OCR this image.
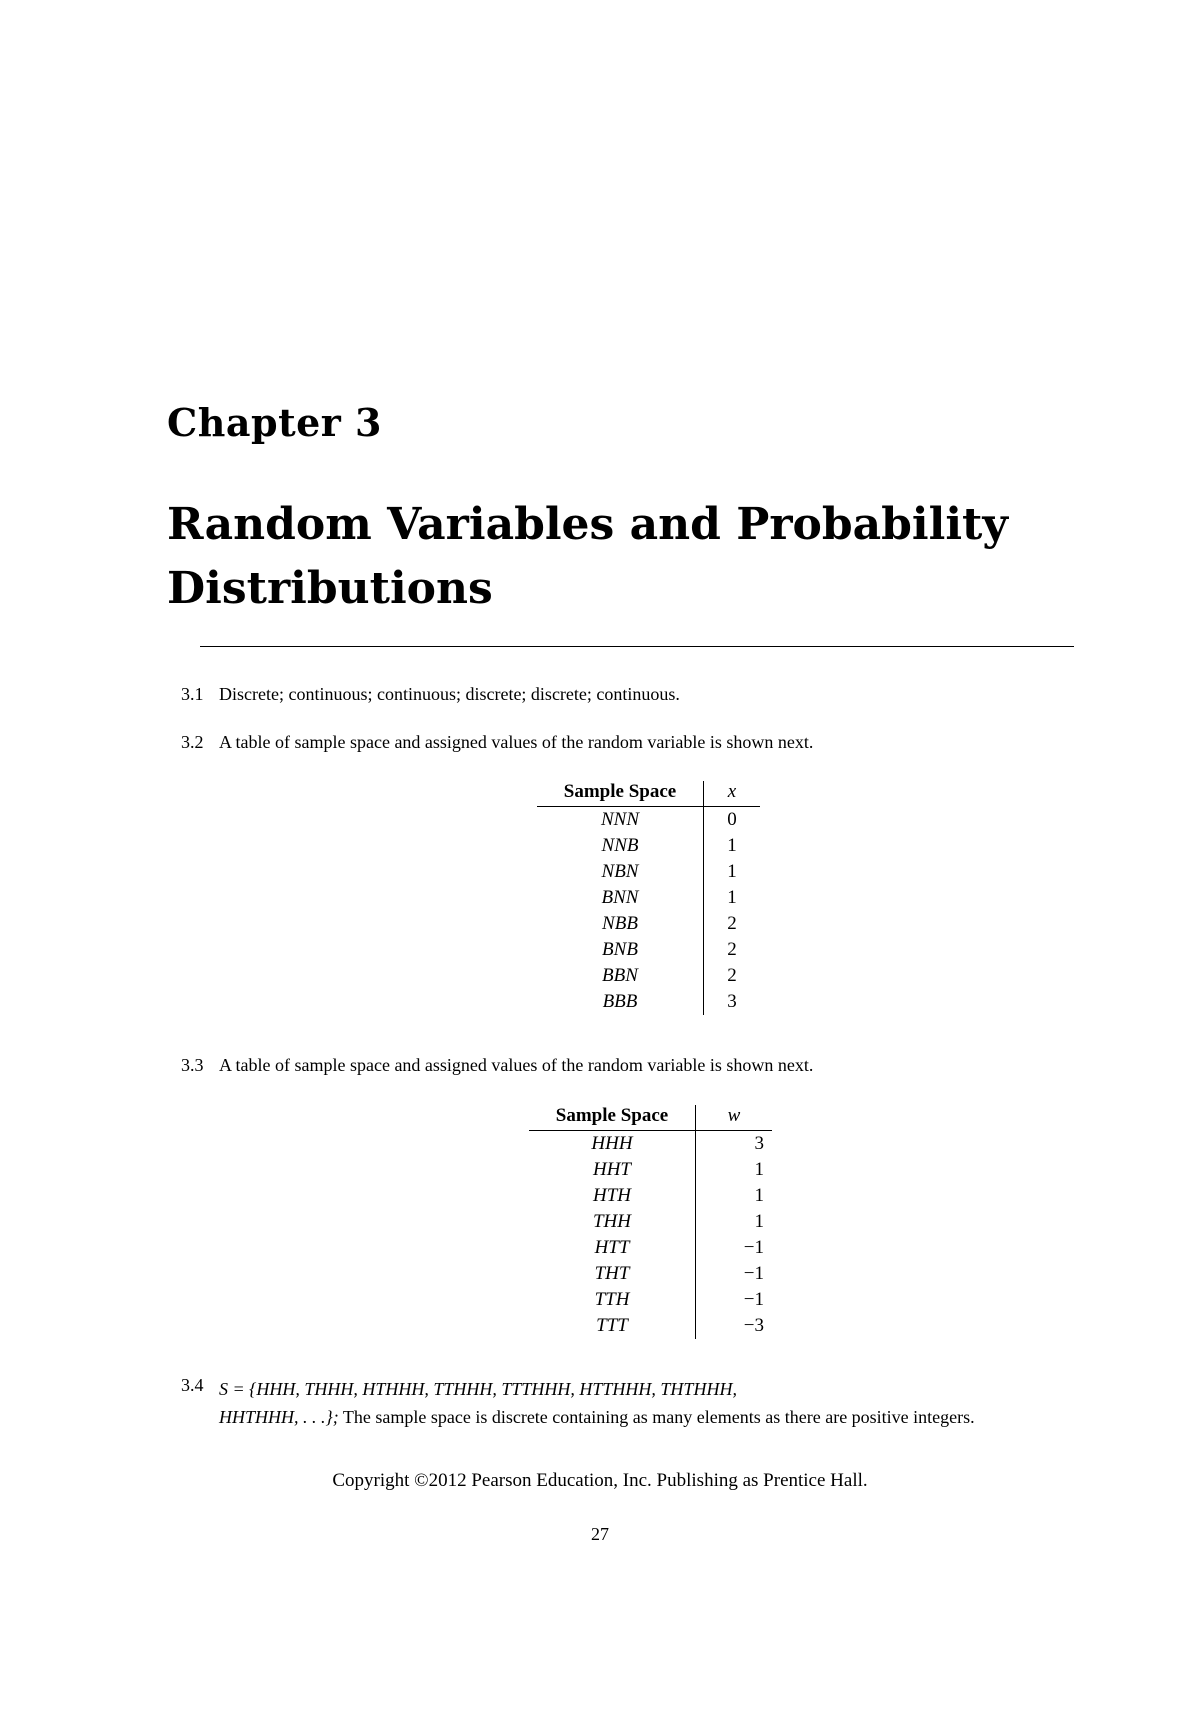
Chapter 3
Random Variables and Probability
Distributions
3.1 Discrete; continuous; continuous; discrete; discrete; continuous.
3.2 A table of sample space and assigned values of the random variable is shown next.
Sample Space	x
NNN	0
NNB	1
NBN	1
BNN	1
NBB	2
BNB	2
BBN	2
BBB	3
3.3 A table of sample space and assigned values of the random variable is shown next.
Sample Space	w
HHH	3
HHT	1
HTH	1
THH	1
HTT	−1
THT	−1
TTH	−1
TTT	−3
3.4 S = {HHH, THHH, HTHHH, TTHHH, TTTHHH, HTTHHH, THTHHH,
HHTHHH, . . .}; The sample space is discrete containing as many elements as there are positive integers.
Copyright ©2012 Pearson Education, Inc. Publishing as Prentice Hall.
27
